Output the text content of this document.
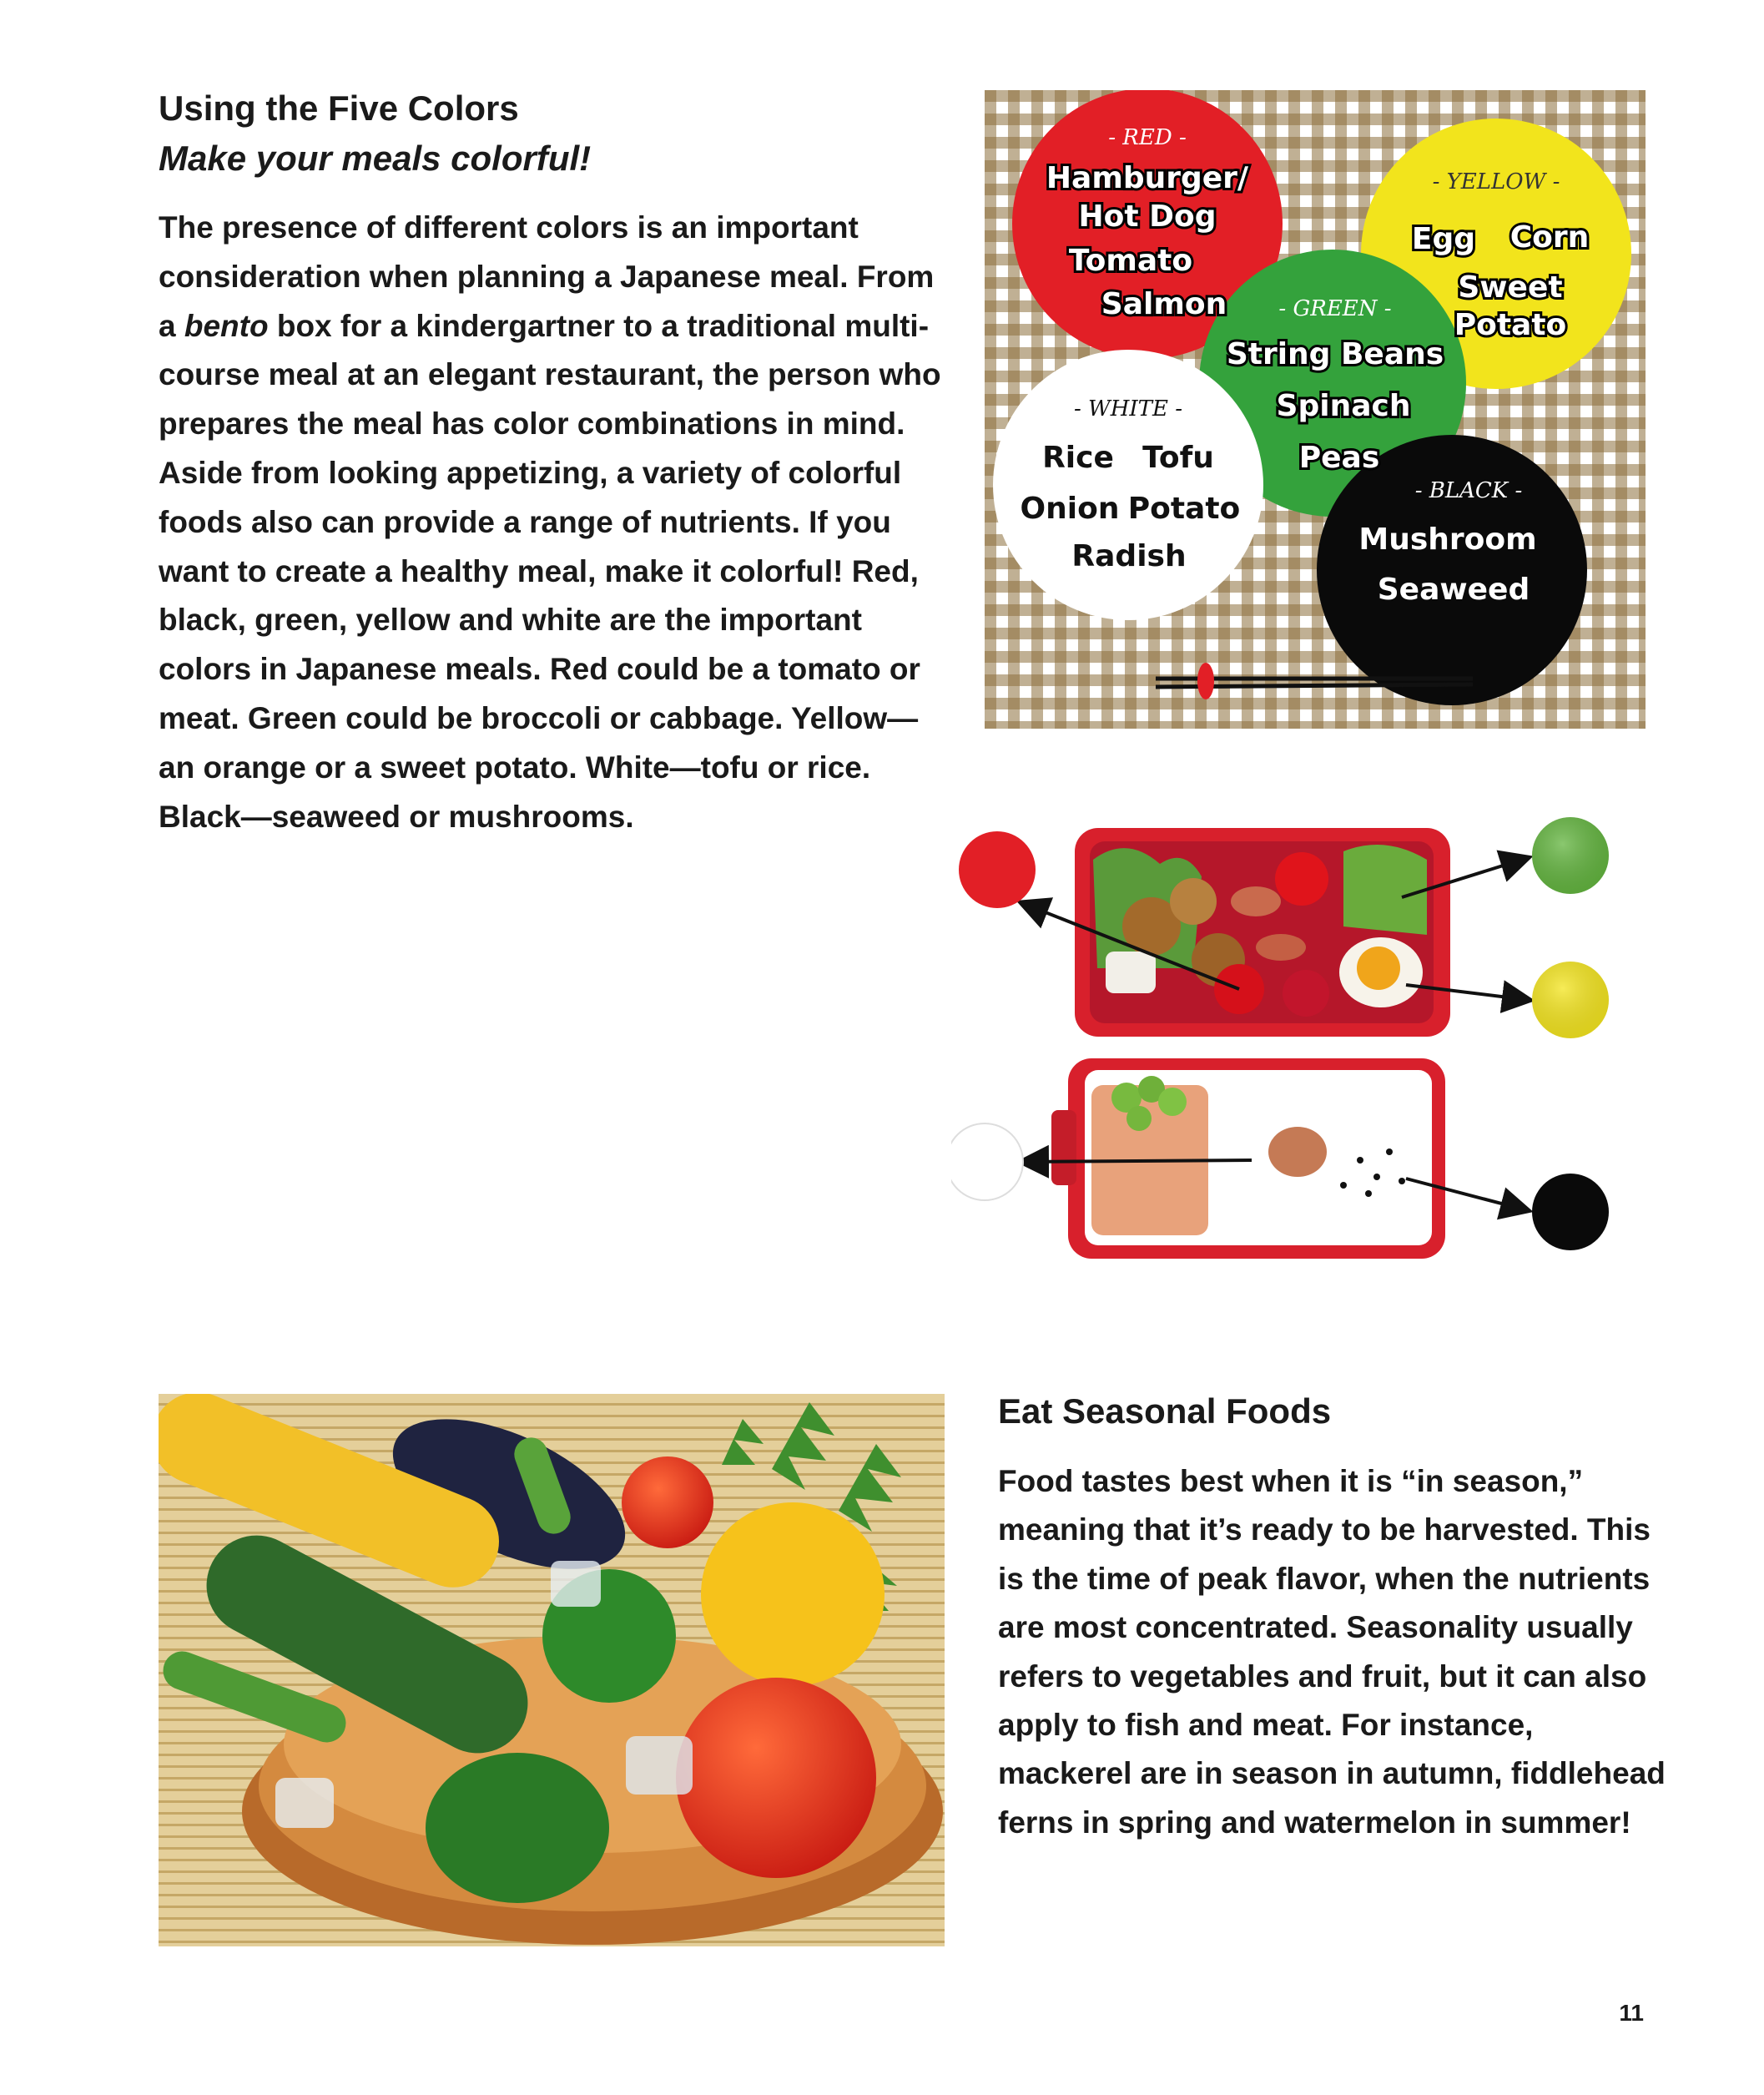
Using the Five Colors

Make your meals colorful!

The presence of different colors is an important consideration when planning a Japanese meal. From a bento box for a kindergartner to a traditional multi-course meal at an elegant restaurant, the person who prepares the meal has color combinations in mind. Aside from looking appetizing, a variety of colorful foods also can provide a range of nutrients. If you want to create a healthy meal, make it colorful! Red, black, green, yellow and white are the important colors in Japanese meals. Red could be a tomato or meat. Green could be broccoli or cabbage. Yellow—an orange or a sweet potato. White—tofu or rice. Black—seaweed or mushrooms.

- RED -
Hamburger/
Hot Dog
Tomato
Salmon
- YELLOW -
Egg Corn
Sweet
Potato
- GREEN -
String Beans
Spinach
Peas
- WHITE -
Rice Tofu
Onion Potato
Radish
- BLACK -
Mushroom
Seaweed
Eat Seasonal Foods

Food tastes best when it is “in season,” meaning that it’s ready to be harvested. This is the time of peak flavor, when the nutrients are most concentrated. Seasonality usually refers to vegetables and fruit, but it can also apply to fish and meat. For instance, mackerel are in season in autumn, fiddlehead ferns in spring and watermelon in summer!

11
